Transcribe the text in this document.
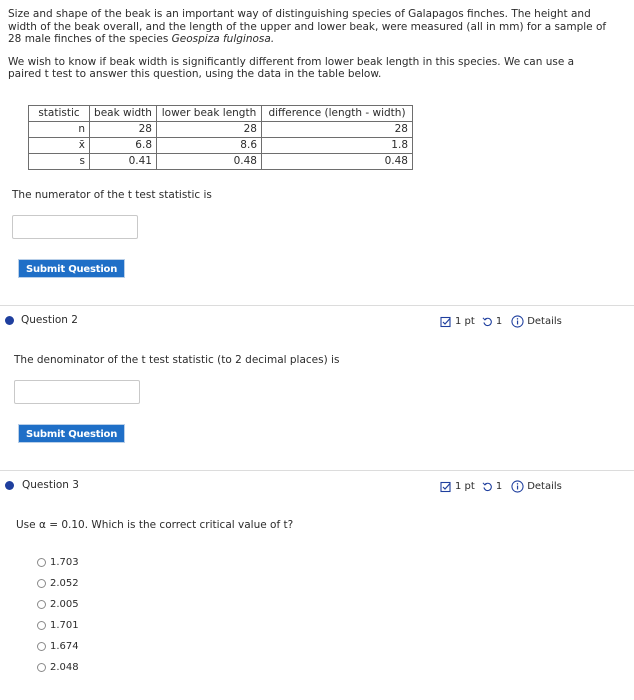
Size and shape of the beak is an important way of distinguishing species of Galapagos finches. The height and width of the beak overall, and the length of the upper and lower beak, were measured (all in mm) for a sample of 28 male finches of the species Geospiza fulginosa.

We wish to know if beak width is significantly different from lower beak length in this species. We can use a paired t test to answer this question, using the data in the table below.

statistic	beak width	lower beak length	difference (length - width)
n	28	28	28
x̄	6.8	8.6	1.8
s	0.41	0.48	0.48
The numerator of the t test statistic is
Submit Question
Question 2	1 pt 1	Details
The denominator of the t test statistic (to 2 decimal places) is
Submit Question
Question 3	1 pt 1	Details
Use α = 0.10. Which is the correct critical value of t?
1.703
2.052
2.005
1.701
1.674
2.048
